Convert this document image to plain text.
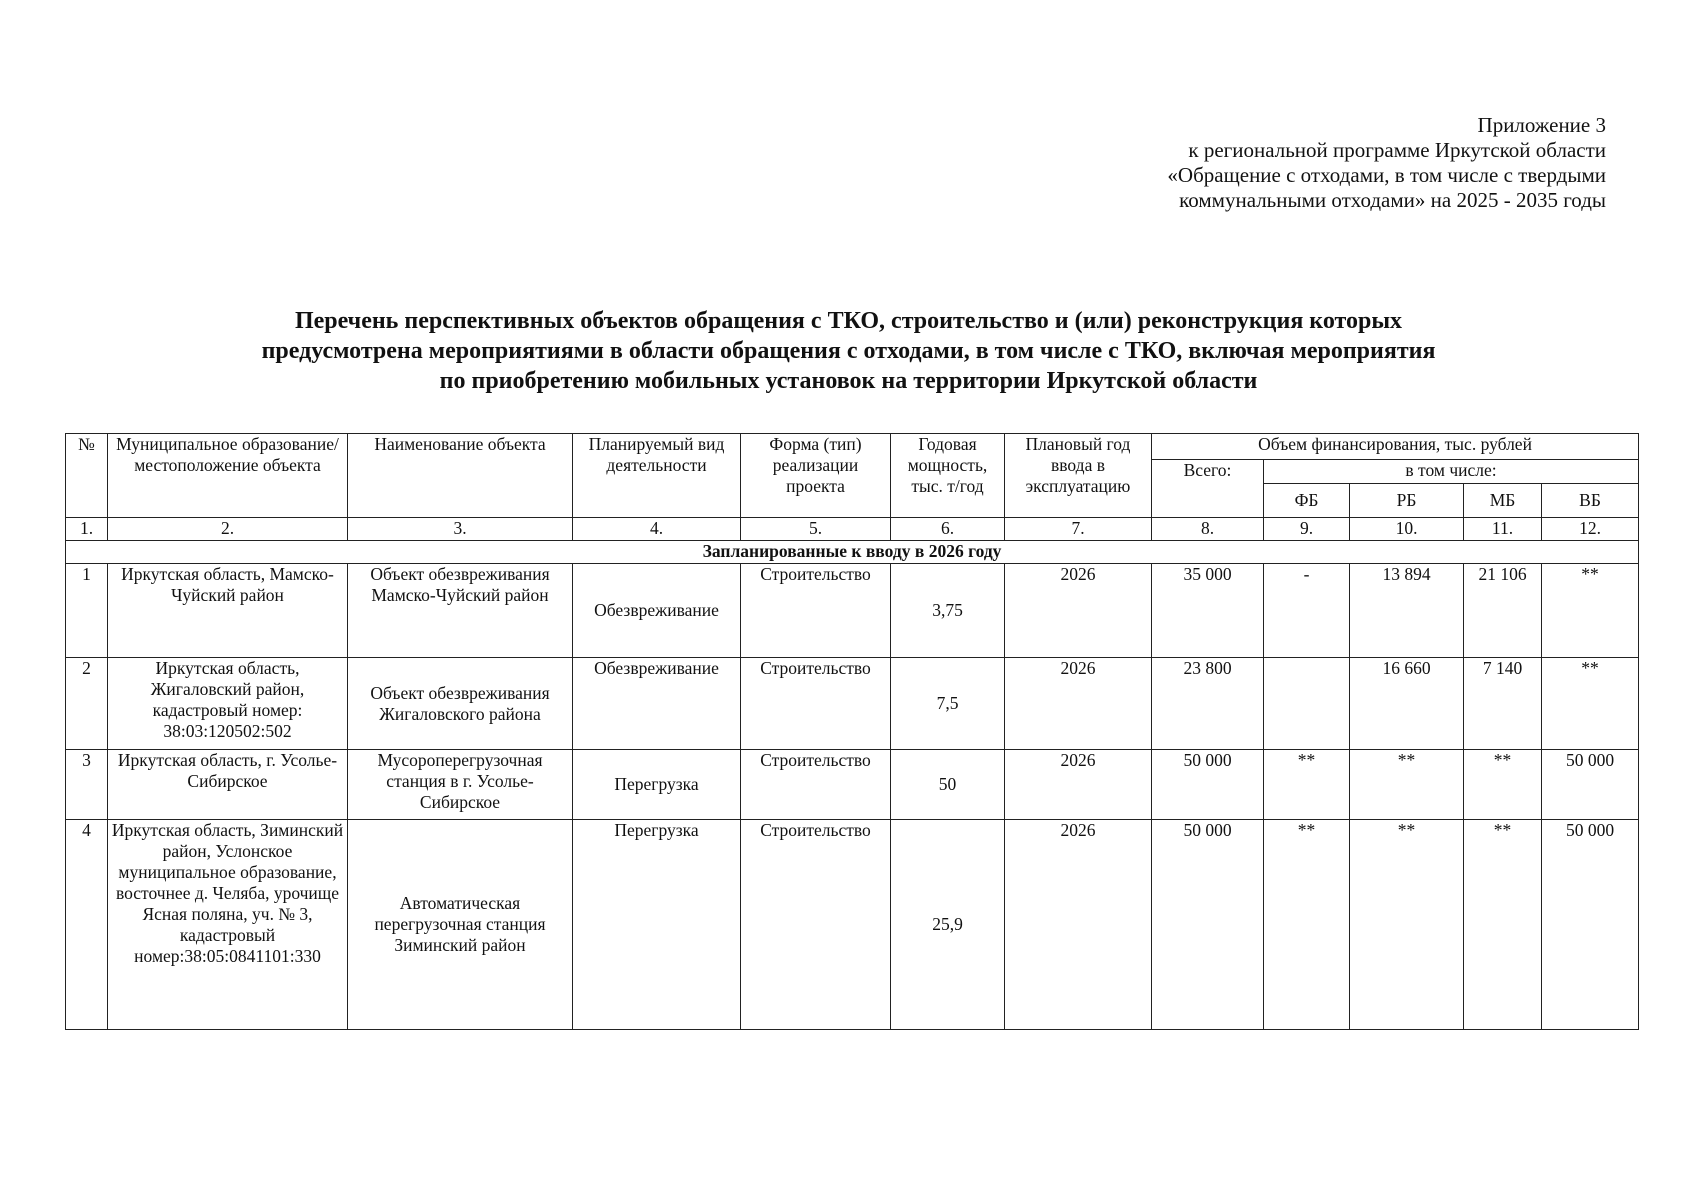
Приложение 3
к региональной программе Иркутской области
«Обращение с отходами, в том числе с твердыми
коммунальными отходами» на 2025 - 2035 годы
Перечень перспективных объектов обращения с ТКО, строительство и (или) реконструкция которых
предусмотрена мероприятиями в области обращения с отходами, в том числе с ТКО, включая мероприятия
по приобретению мобильных установок на территории Иркутской области
№	Муниципальное образование/ местоположение объекта	Наименование объекта	Планируемый вид деятельности	Форма (тип) реализации проекта	Годовая мощность, тыс. т/год	Плановый год ввода в эксплуатацию	Объем финансирования, тыс. рублей				
							Всего:	в том числе:			
								ФБ	РБ	МБ	ВБ
1.	2.	3.	4.	5.	6.	7.	8.	9.	10.	11.	12.
Запланированные к вводу в 2026 году											
1	Иркутская область, Мамско-Чуйский район	Объект обезвреживания Мамско-Чуйский район	Обезвреживание	Строительство	3,75	2026	35 000	-	13 894	21 106	**
2	Иркутская область, Жигаловский район, кадастровый номер: 38:03:120502:502	Объект обезвреживания Жигаловского района	Обезвреживание	Строительство	7,5	2026	23 800		16 660	7 140	**
3	Иркутская область, г. Усолье-Сибирское	Мусороперегрузочная станция в г. Усолье-Сибирское	Перегрузка	Строительство	50	2026	50 000	**	**	**	50 000
4	Иркутская область, Зиминский район, Услонское муниципальное образование, восточнее д. Челяба, урочище Ясная поляна, уч. № 3, кадастровый номер:38:05:0841101:330	Автоматическая перегрузочная станция Зиминский район	Перегрузка	Строительство	25,9	2026	50 000	**	**	**	50 000
